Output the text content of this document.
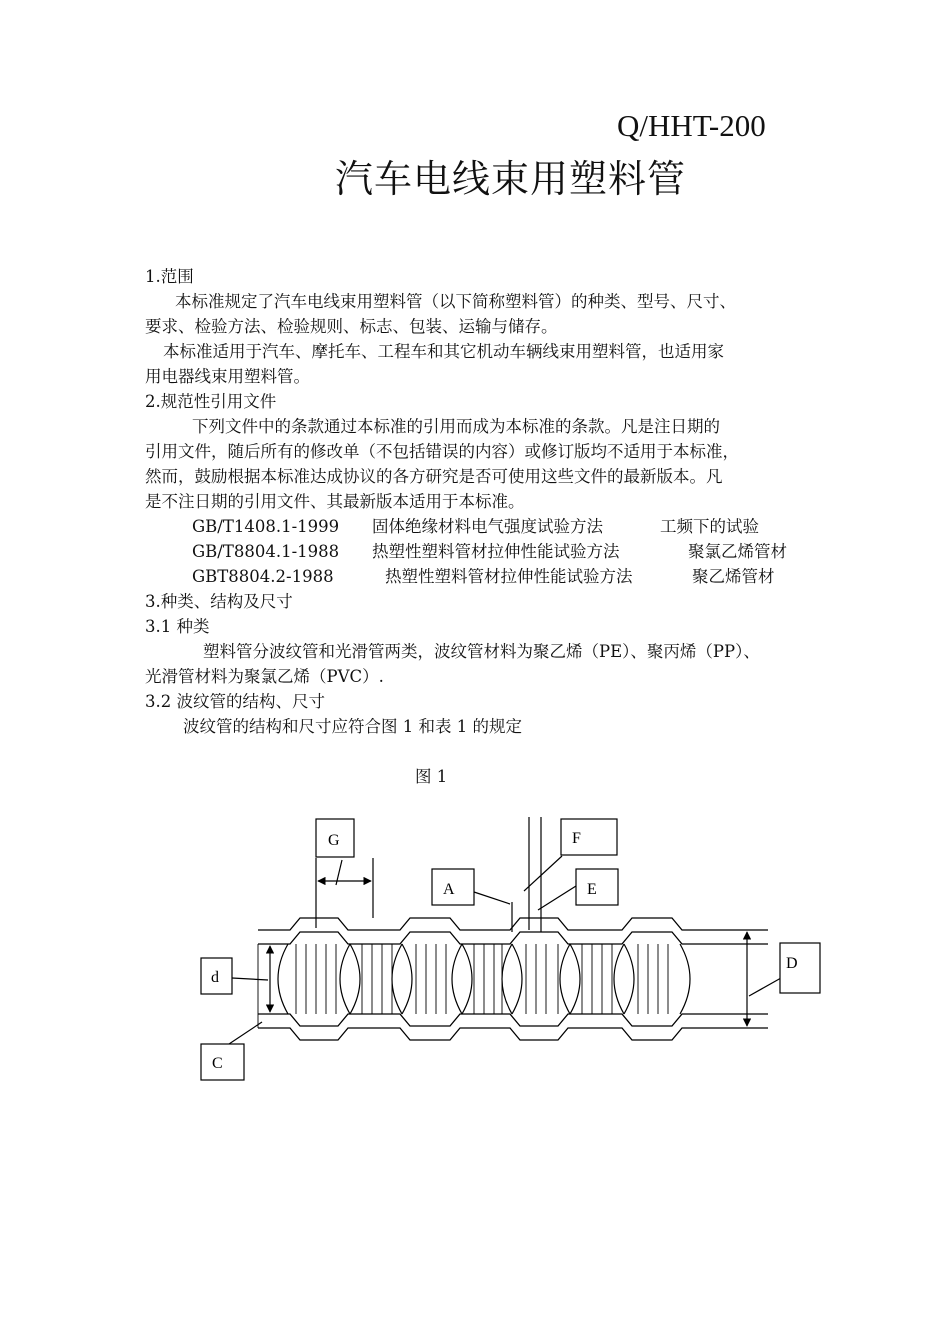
Q/HHT-200
汽车电线束用塑料管
1.范围
本标准规定了汽车电线束用塑料管（以下简称塑料管）的种类、型号、尺寸、
要求、检验方法、检验规则、标志、包装、运输与储存。
本标准适用于汽车、摩托车、工程车和其它机动车辆线束用塑料管，也适用家
用电器线束用塑料管。
2.规范性引用文件
下列文件中的条款通过本标准的引用而成为本标准的条款。凡是注日期的
引用文件，随后所有的修改单（不包括错误的内容）或修订版均不适用于本标准，
然而，鼓励根据本标准达成协议的各方研究是否可使用这些文件的最新版本。凡
是不注日期的引用文件、其最新版本适用于本标准。
GB/T1408.1-1999 固体绝缘材料电气强度试验方法	工频下的试验
GB/T8804.1-1988 热塑性塑料管材拉伸性能试验方法	聚氯乙烯管材
GBT8804.2-1988	热塑性塑料管材拉伸性能试验方法	聚乙烯管材
3.种类、结构及尺寸
3.1 种类
塑料管分波纹管和光滑管两类，波纹管材料为聚乙烯（PE）、聚丙烯（PP）、
光滑管材料为聚氯乙烯（PVC）.
3.2 波纹管的结构、尺寸
波纹管的结构和尺寸应符合图 1 和表 1 的规定
图 1
G	F
A	E
d
D
C
